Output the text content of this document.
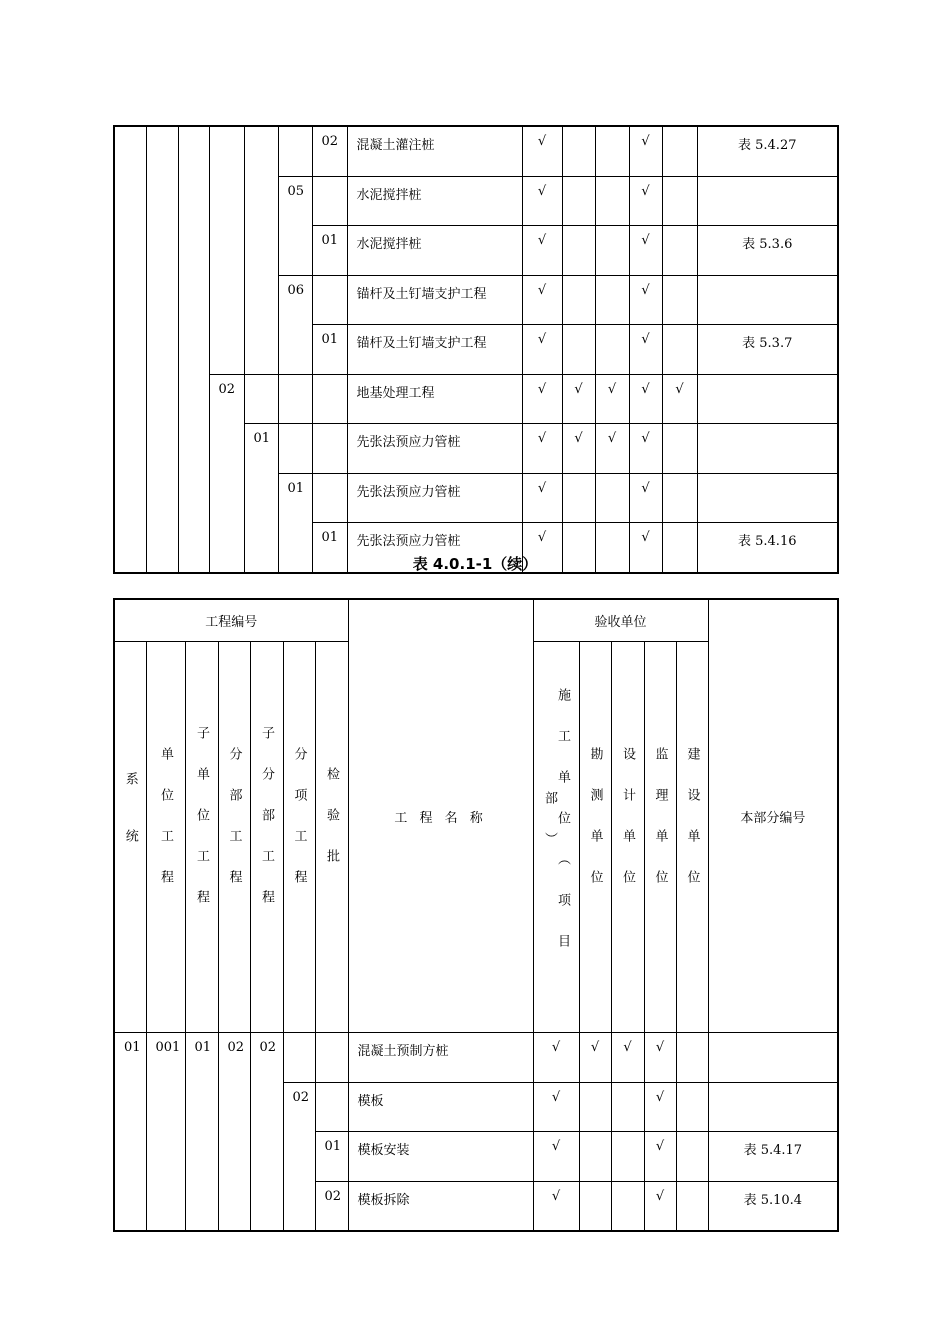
						02	混凝土灌注桩	√			√		表 5.4.27
					05		水泥搅拌桩	√			√		
						01	水泥搅拌桩	√			√		表 5.3.6
					06		锚杆及土钉墙支护工程	√			√		
						01	锚杆及土钉墙支护工程	√			√		表 5.3.7
			02				地基处理工程	√	√	√	√	√	
				01			先张法预应力管桩	√	√	√	√		
					01		先张法预应力管桩	√			√		
						01	先张法预应力管桩	√			√		表 5.4.16
表 4.0.1-1（续）
工程编号							工 程 名 称	验收单位					本部分编号
系统	单位工程	子单位工程	分部工程	子分部工程	分项工程	检验批		施工单位︵项目部︶	勘测单位	设计单位	监理单位	建设单位	
01	001	01	02	02			混凝土预制方桩	√	√	√	√		
					02		模板	√			√		
						01	模板安装	√			√		表 5.4.17
						02	模板拆除	√			√		表 5.10.4
